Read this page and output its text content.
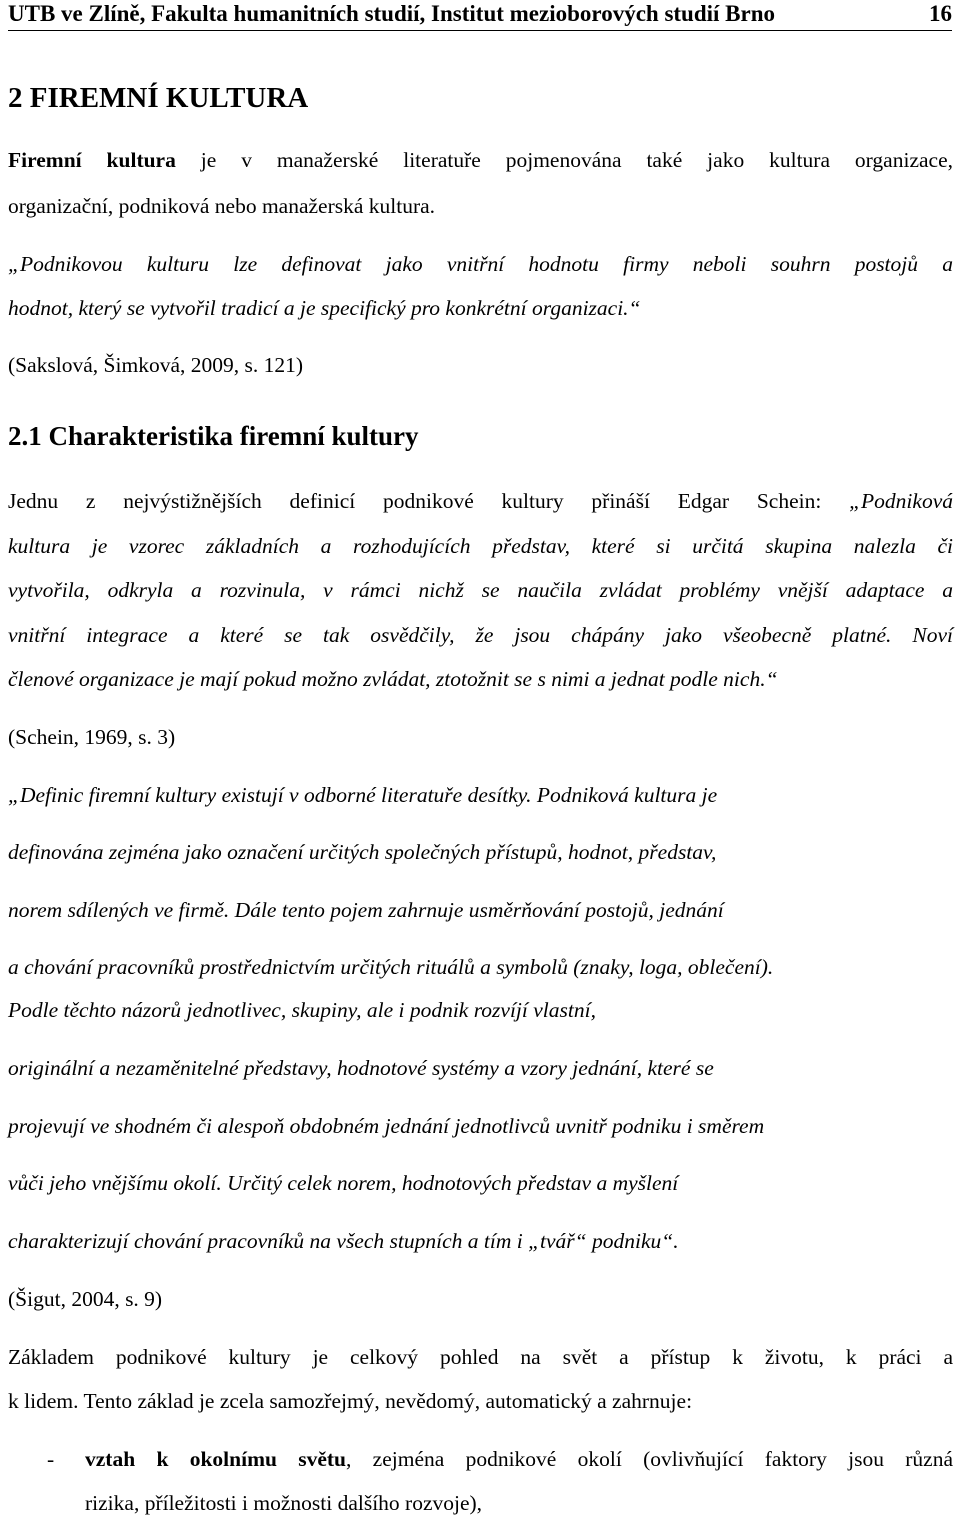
UTB ve Zlíně, Fakulta humanitních studií, Institut mezioborových studií Brno	16
2 FIREMNÍ KULTURA
Firemní kultura je v manažerské literatuře pojmenována také jako kultura organizace,
organizační, podniková nebo manažerská kultura.
„Podnikovou kulturu lze definovat jako vnitřní hodnotu firmy neboli souhrn postojů a
hodnot, který se vytvořil tradicí a je specifický pro konkrétní organizaci.“
(Sakslová, Šimková, 2009, s. 121)
2.1 Charakteristika firemní kultury
Jednu z nejvýstižnějších definicí podnikové kultury přináší Edgar Schein: „Podniková
kultura je vzorec základních a rozhodujících představ, které si určitá skupina nalezla či
vytvořila, odkryla a rozvinula, v rámci nichž se naučila zvládat problémy vnější adaptace a
vnitřní integrace a které se tak osvědčily, že jsou chápány jako všeobecně platné. Noví
členové organizace je mají pokud možno zvládat, ztotožnit se s nimi a jednat podle nich.“
(Schein, 1969, s. 3)
„Definic firemní kultury existují v odborné literatuře desítky. Podniková kultura je
definována zejména jako označení určitých společných přístupů, hodnot, představ,
norem sdílených ve firmě. Dále tento pojem zahrnuje usměrňování postojů, jednání
a chování pracovníků prostřednictvím určitých rituálů a symbolů (znaky, loga, oblečení).
Podle těchto názorů jednotlivec, skupiny, ale i podnik rozvíjí vlastní,
originální a nezaměnitelné představy, hodnotové systémy a vzory jednání, které se
projevují ve shodném či alespoň obdobném jednání jednotlivců uvnitř podniku i směrem
vůči jeho vnějšímu okolí. Určitý celek norem, hodnotových představ a myšlení
charakterizují chování pracovníků na všech stupních a tím i „tvář“ podniku“.
(Šigut, 2004, s. 9)
Základem podnikové kultury je celkový pohled na svět a přístup k životu, k práci a
k lidem. Tento základ je zcela samozřejmý, nevědomý, automatický a zahrnuje:
- vztah k okolnímu světu, zejména podnikové okolí (ovlivňující faktory jsou různá
rizika, příležitosti i možnosti dalšího rozvoje),
